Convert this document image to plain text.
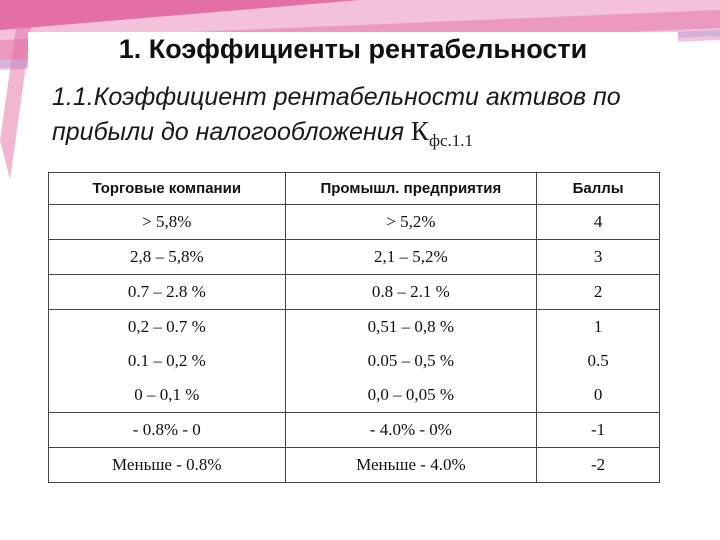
1. Коэффициенты рентабельности
1.1.Коэффициент рентабельности активов по прибыли до налогообложения $К_{фс.1.1}$
Торговые компании	Промышл. предприятия	Баллы
> 5,8%	> 5,2%	4
2,8 – 5,8%	2,1 – 5,2%	3
0.7 – 2.8 %	0.8 – 2.1 %	2
0,2 – 0.7 %	0,51 – 0,8 %	1
0.1 – 0,2 %	0.05 – 0,5 %	0.5
0 – 0,1 %	0,0 – 0,05 %	0
- 0.8% - 0	- 4.0% - 0%	-1
Меньше - 0.8%	Меньше - 4.0%	-2
